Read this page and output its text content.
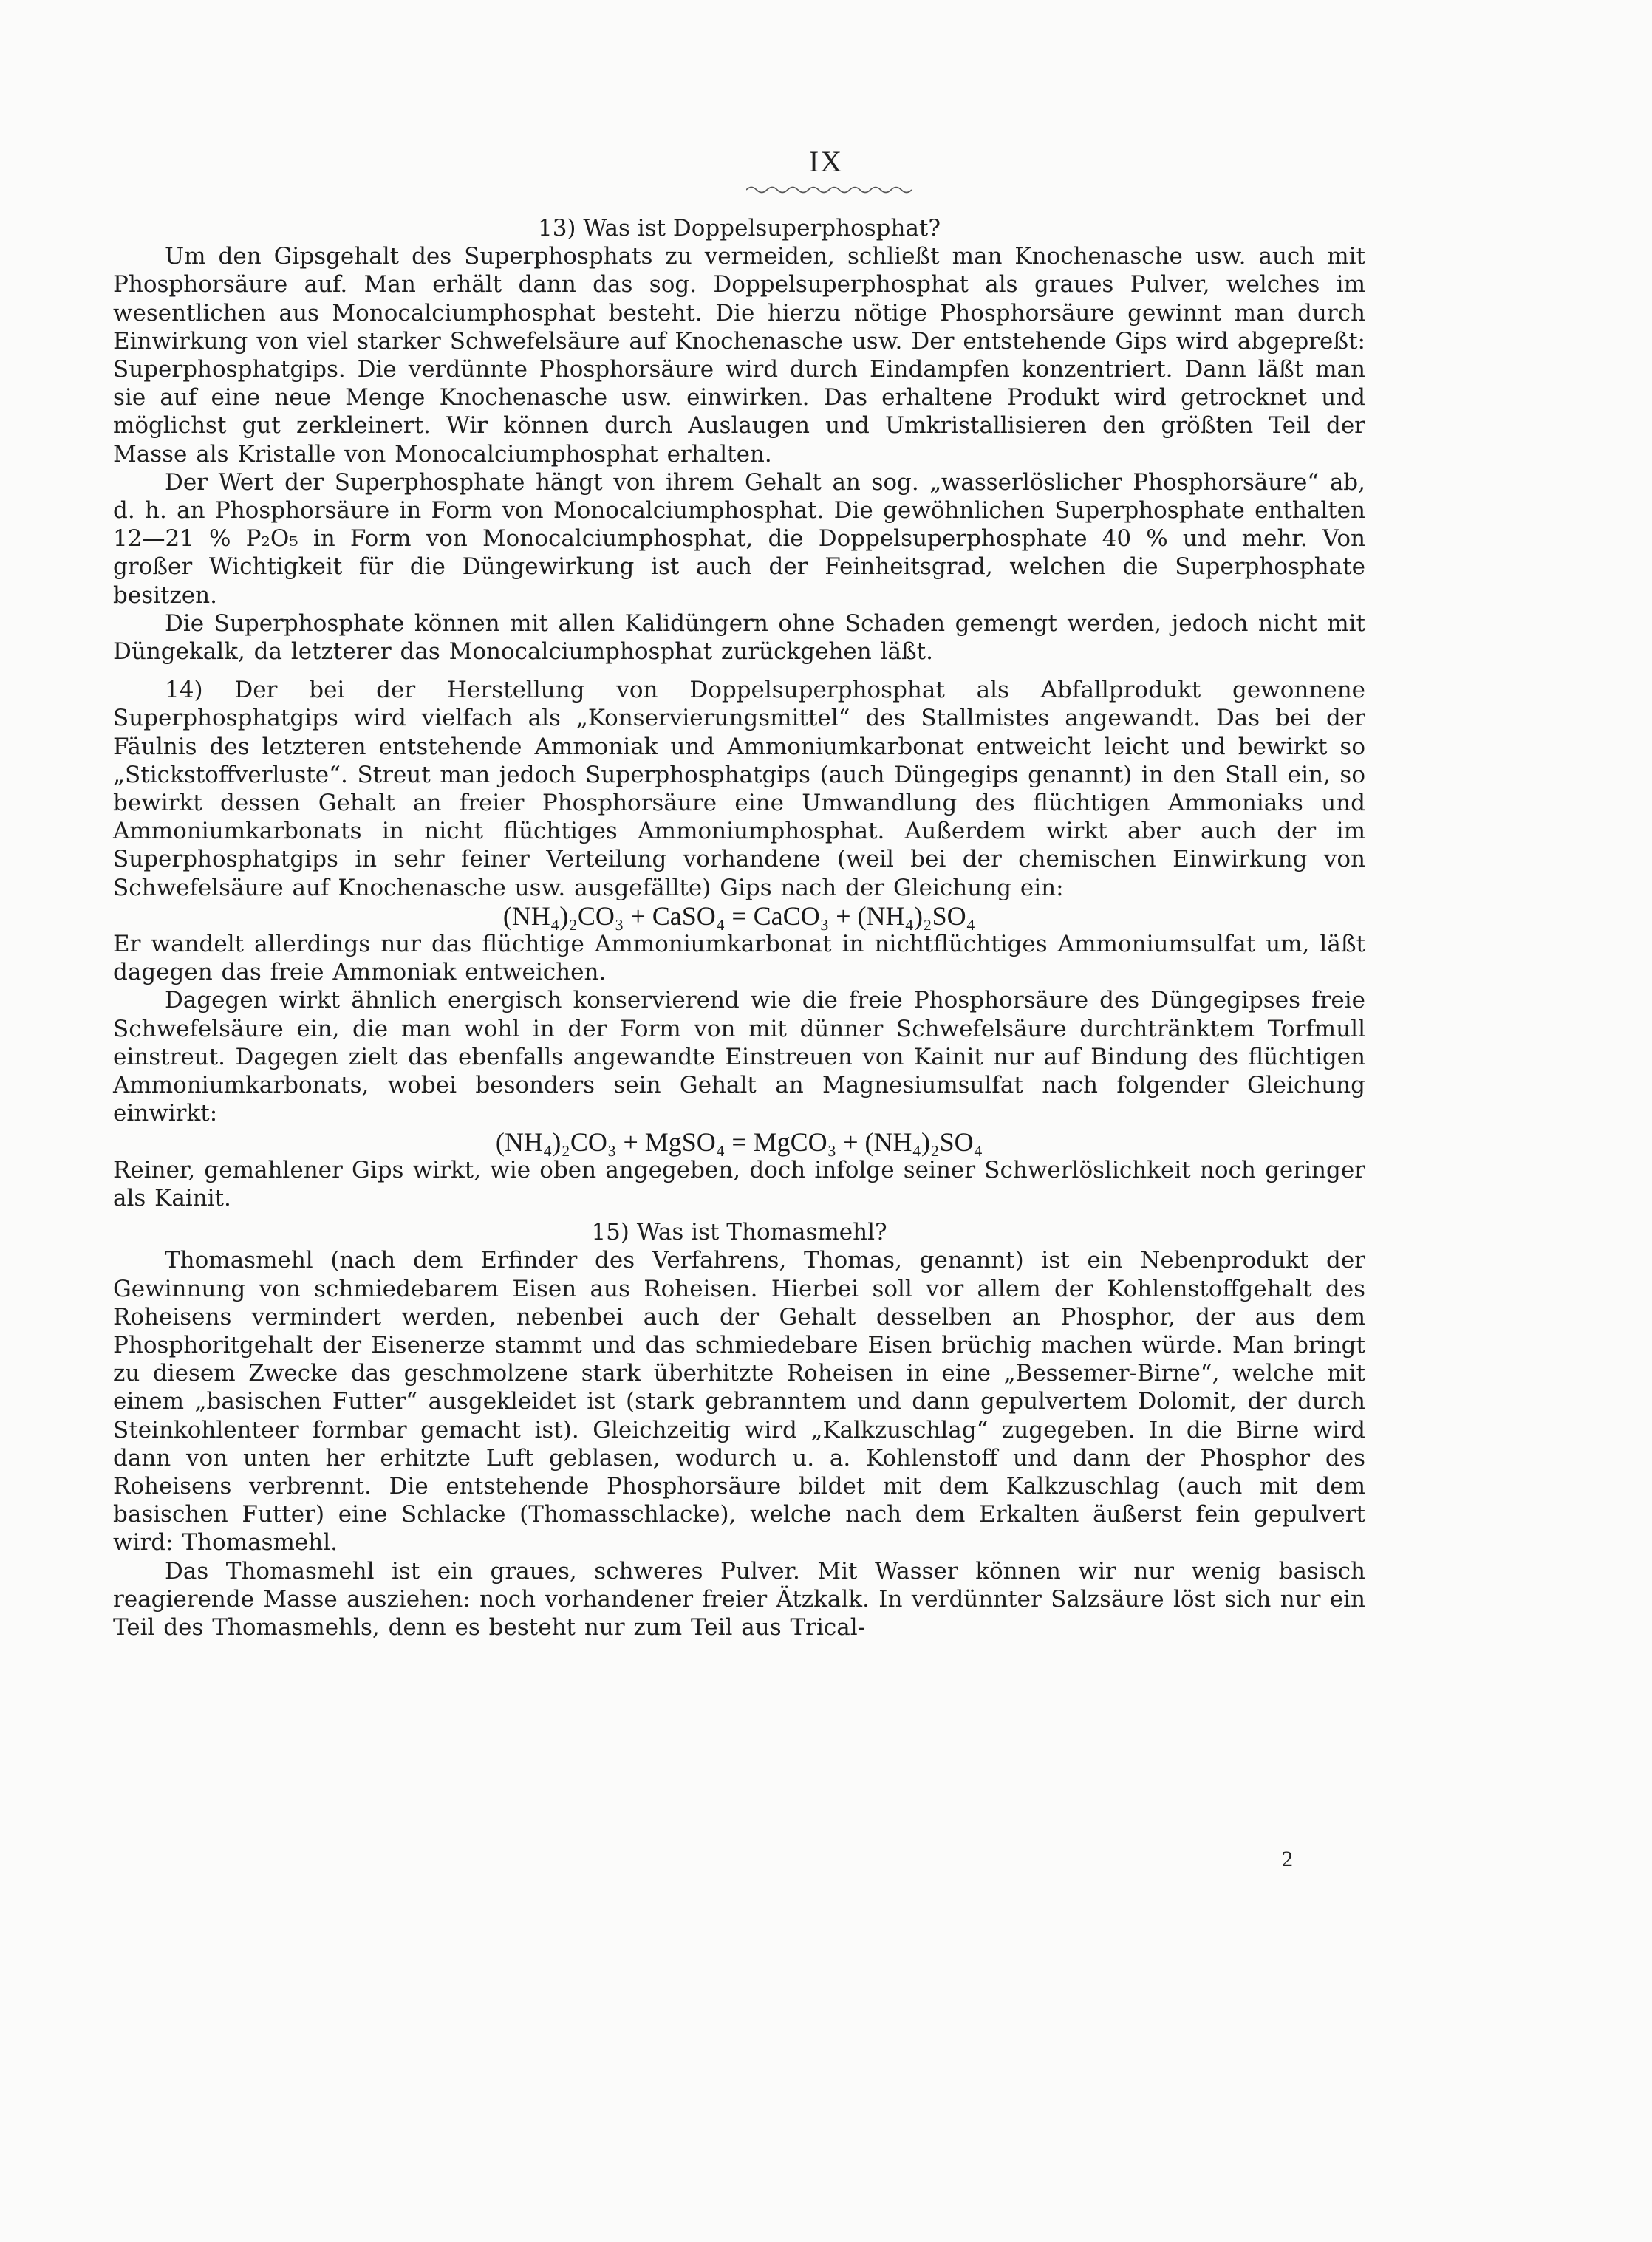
IX

13) Was ist Doppelsuperphosphat?

Um den Gipsgehalt des Superphosphats zu vermeiden, schließt man Knochenasche usw. auch mit Phosphorsäure auf. Man erhält dann das sog. Doppelsuperphosphat als graues Pulver, welches im wesentlichen aus Monocalciumphosphat besteht. Die hierzu nötige Phosphorsäure gewinnt man durch Einwirkung von viel starker Schwefelsäure auf Knochenasche usw. Der entstehende Gips wird abgepreßt: Superphosphatgips. Die verdünnte Phosphorsäure wird durch Eindampfen konzentriert. Dann läßt man sie auf eine neue Menge Knochenasche usw. einwirken. Das erhaltene Produkt wird getrocknet und möglichst gut zerkleinert. Wir können durch Auslaugen und Umkristallisieren den größten Teil der Masse als Kristalle von Monocalciumphosphat erhalten.

Der Wert der Superphosphate hängt von ihrem Gehalt an sog. „wasserlöslicher Phosphorsäure“ ab, d. h. an Phosphorsäure in Form von Monocalciumphosphat. Die gewöhnlichen Superphosphate enthalten 12—21 % P₂O₅ in Form von Monocalciumphosphat, die Doppelsuperphosphate 40 % und mehr. Von großer Wichtigkeit für die Düngewirkung ist auch der Feinheitsgrad, welchen die Superphosphate besitzen.

Die Superphosphate können mit allen Kalidüngern ohne Schaden gemengt werden, jedoch nicht mit Düngekalk, da letzterer das Monocalciumphosphat zurückgehen läßt.

14) Der bei der Herstellung von Doppelsuperphosphat als Abfallprodukt gewonnene Superphosphatgips wird vielfach als „Konservierungsmittel“ des Stallmistes angewandt. Das bei der Fäulnis des letzteren entstehende Ammoniak und Ammoniumkarbonat entweicht leicht und bewirkt so „Stickstoffverluste“. Streut man jedoch Superphosphatgips (auch Düngegips genannt) in den Stall ein, so bewirkt dessen Gehalt an freier Phosphorsäure eine Umwandlung des flüchtigen Ammoniaks und Ammoniumkarbonats in nicht flüchtiges Ammoniumphosphat. Außerdem wirkt aber auch der im Superphosphatgips in sehr feiner Verteilung vorhandene (weil bei der chemischen Einwirkung von Schwefelsäure auf Knochenasche usw. ausgefällte) Gips nach der Gleichung ein:

(NH₄)₂CO₃ + CaSO₄ = CaCO₃ + (NH₄)₂SO₄

Er wandelt allerdings nur das flüchtige Ammoniumkarbonat in nichtflüchtiges Ammoniumsulfat um, läßt dagegen das freie Ammoniak entweichen.

Dagegen wirkt ähnlich energisch konservierend wie die freie Phosphorsäure des Düngegipses freie Schwefelsäure ein, die man wohl in der Form von mit dünner Schwefelsäure durchtränktem Torfmull einstreut. Dagegen zielt das ebenfalls angewandte Einstreuen von Kainit nur auf Bindung des flüchtigen Ammoniumkarbonats, wobei besonders sein Gehalt an Magnesiumsulfat nach folgender Gleichung einwirkt:

(NH₄)₂CO₃ + MgSO₄ = MgCO₃ + (NH₄)₂SO₄

Reiner, gemahlener Gips wirkt, wie oben angegeben, doch infolge seiner Schwerlöslichkeit noch geringer als Kainit.

15) Was ist Thomasmehl?

Thomasmehl (nach dem Erfinder des Verfahrens, Thomas, genannt) ist ein Nebenprodukt der Gewinnung von schmiedebarem Eisen aus Roheisen. Hierbei soll vor allem der Kohlenstoffgehalt des Roheisens vermindert werden, nebenbei auch der Gehalt desselben an Phosphor, der aus dem Phosphoritgehalt der Eisenerze stammt und das schmiedebare Eisen brüchig machen würde. Man bringt zu diesem Zwecke das geschmolzene stark überhitzte Roheisen in eine „Bessemer-Birne“, welche mit einem „basischen Futter“ ausgekleidet ist (stark gebranntem und dann gepulvertem Dolomit, der durch Steinkohlenteer formbar gemacht ist). Gleichzeitig wird „Kalkzuschlag“ zugegeben. In die Birne wird dann von unten her erhitzte Luft geblasen, wodurch u. a. Kohlenstoff und dann der Phosphor des Roheisens verbrennt. Die entstehende Phosphorsäure bildet mit dem Kalkzuschlag (auch mit dem basischen Futter) eine Schlacke (Thomasschlacke), welche nach dem Erkalten äußerst fein gepulvert wird: Thomasmehl.

Das Thomasmehl ist ein graues, schweres Pulver. Mit Wasser können wir nur wenig basisch reagierende Masse ausziehen: noch vorhandener freier Ätzkalk. In verdünnter Salzsäure löst sich nur ein Teil des Thomasmehls, denn es besteht nur zum Teil aus Trical-

2
